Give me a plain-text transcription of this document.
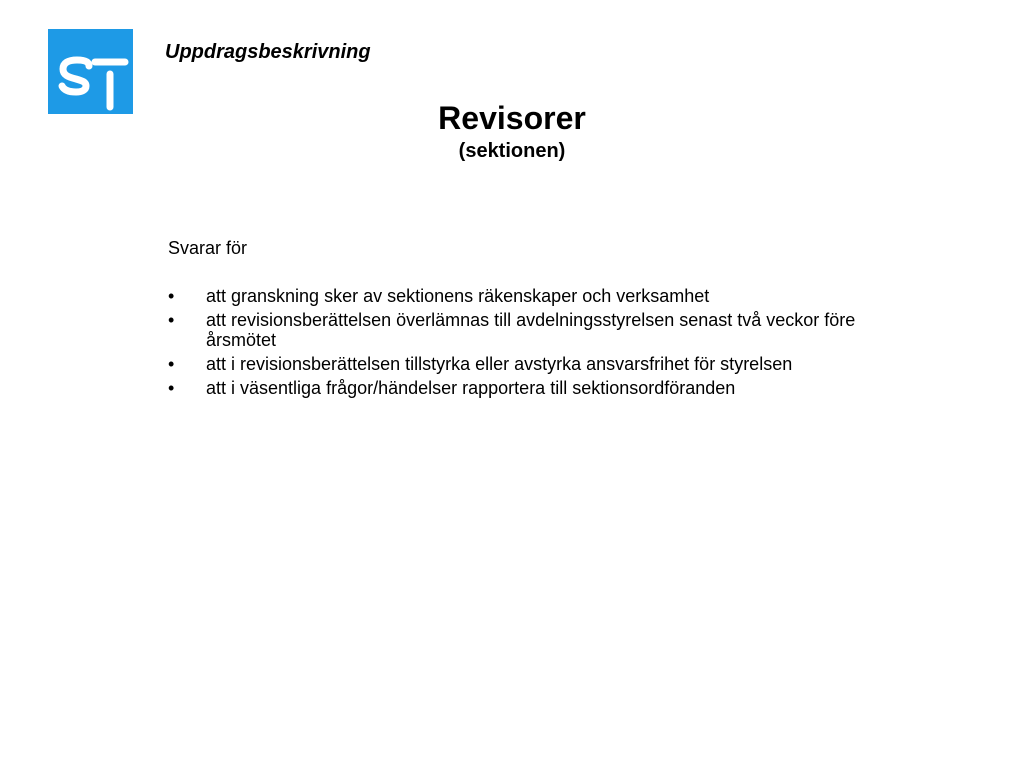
Uppdragsbeskrivning
Revisorer
(sektionen)

Svarar för

• att granskning sker av sektionens räkenskaper och verksamhet
• att revisionsberättelsen överlämnas till avdelningsstyrelsen senast två veckor före årsmötet
• att i revisionsberättelsen tillstyrka eller avstyrka ansvarsfrihet för styrelsen
• att i väsentliga frågor/händelser rapportera till sektionsordföranden
